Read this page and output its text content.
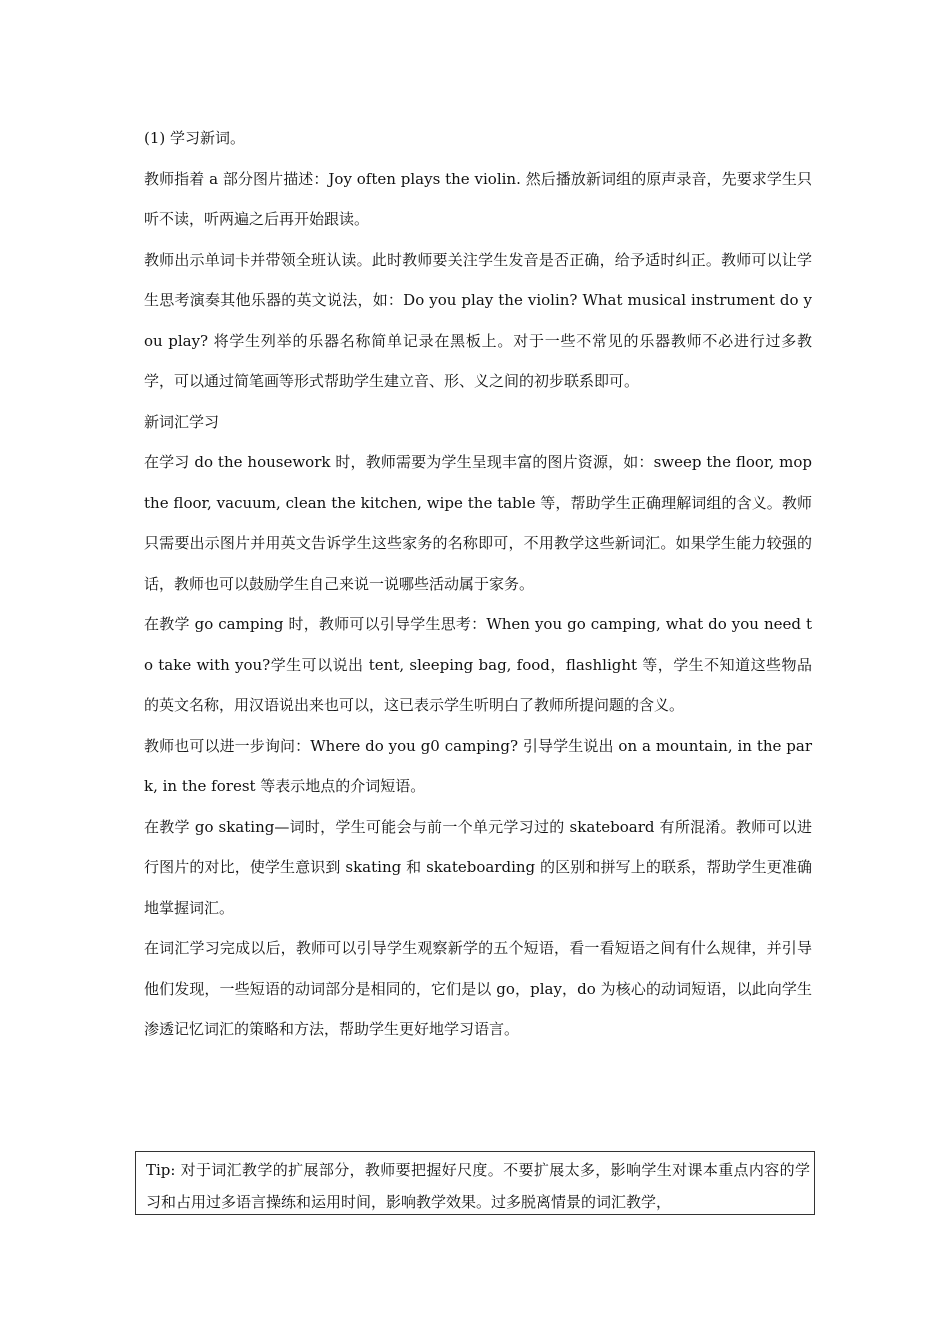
(1) 学习新词。

教师指着 a 部分图片描述：Joy often plays the violin. 然后播放新词组的原声录音，先要求学生只听不读，听两遍之后再开始跟读。

教师出示单词卡并带领全班认读。此时教师要关注学生发音是否正确，给予适时纠正。教师可以让学生思考演奏其他乐器的英文说法，如：Do you play the violin? What musical instrument do you play? 将学生列举的乐器名称简单记录在黑板上。对于一些不常见的乐器教师不必进行过多教学，可以通过简笔画等形式帮助学生建立音、形、义之间的初步联系即可。

新词汇学习

在学习 do the housework 时，教师需要为学生呈现丰富的图片资源，如：sweep the floor, mop the floor, vacuum, clean the kitchen, wipe the table 等，帮助学生正确理解词组的含义。教师只需要出示图片并用英文告诉学生这些家务的名称即可，不用教学这些新词汇。如果学生能力较强的话，教师也可以鼓励学生自己来说一说哪些活动属于家务。

在教学 go camping 时，教师可以引导学生思考：When you go camping, what do you need to take with you?学生可以说出 tent, sleeping bag, food，flashlight 等，学生不知道这些物品的英文名称，用汉语说出来也可以，这已表示学生听明白了教师所提问题的含义。

教师也可以进一步询问：Where do you g0 camping? 引导学生说出 on a mountain, in the park, in the forest 等表示地点的介词短语。

在教学 go skating—词时，学生可能会与前一个单元学习过的 skateboard 有所混淆。教师可以进行图片的对比，使学生意识到 skating 和 skateboarding 的区别和拼写上的联系，帮助学生更准确地掌握词汇。

在词汇学习完成以后，教师可以引导学生观察新学的五个短语，看一看短语之间有什么规律，并引导他们发现，一些短语的动词部分是相同的，它们是以 go，play，do 为核心的动词短语，以此向学生渗透记忆词汇的策略和方法，帮助学生更好地学习语言。

Tip: 对于词汇教学的扩展部分，教师要把握好尺度。不要扩展太多，影响学生对课本重点内容的学习和占用过多语言操练和运用时间，影响教学效果。过多脱离情景的词汇教学，
